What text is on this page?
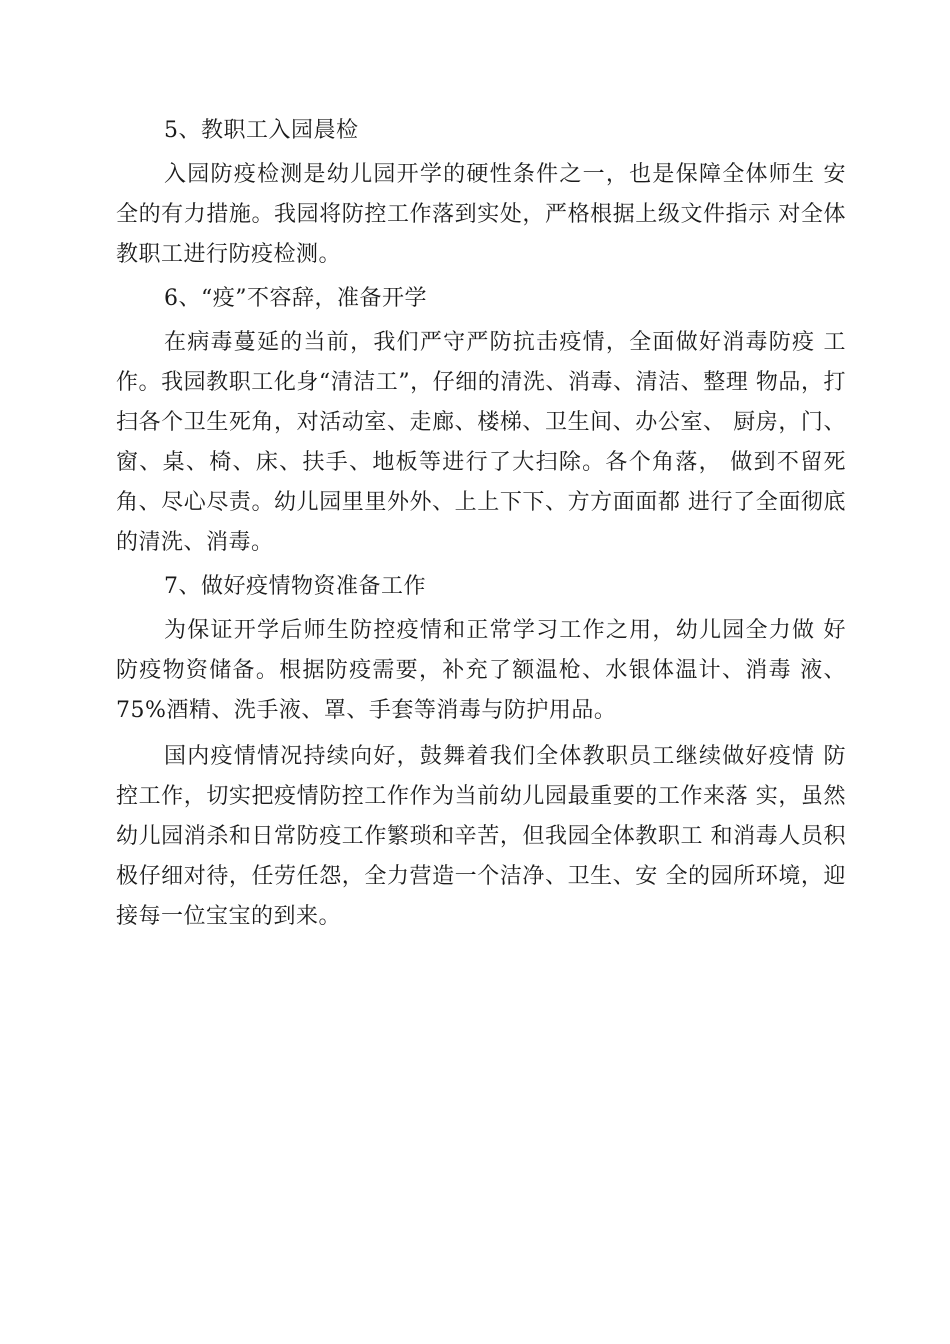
5、教职工入园晨检

入园防疫检测是幼儿园开学的硬性条件之一，也是保障全体师生 安全的有力措施。我园将防控工作落到实处，严格根据上级文件指示 对全体教职工进行防疫检测。

6、“疫”不容辞，准备开学

在病毒蔓延的当前，我们严守严防抗击疫情，全面做好消毒防疫 工作。我园教职工化身“清洁工”，仔细的清洗、消毒、清洁、整理 物品，打扫各个卫生死角，对活动室、走廊、楼梯、卫生间、办公室、 厨房，门、窗、桌、椅、床、扶手、地板等进行了大扫除。各个角落， 做到不留死角、尽心尽责。幼儿园里里外外、上上下下、方方面面都 进行了全面彻底的清洗、消毒。

7、做好疫情物资准备工作

为保证开学后师生防控疫情和正常学习工作之用，幼儿园全力做 好防疫物资储备。根据防疫需要，补充了额温枪、水银体温计、消毒 液、75%酒精、洗手液、罩、手套等消毒与防护用品。

国内疫情情况持续向好，鼓舞着我们全体教职员工继续做好疫情 防控工作，切实把疫情防控工作作为当前幼儿园最重要的工作来落 实，虽然幼儿园消杀和日常防疫工作繁琐和辛苦，但我园全体教职工 和消毒人员积极仔细对待，任劳任怨，全力营造一个洁净、卫生、安 全的园所环境，迎接每一位宝宝的到来。
